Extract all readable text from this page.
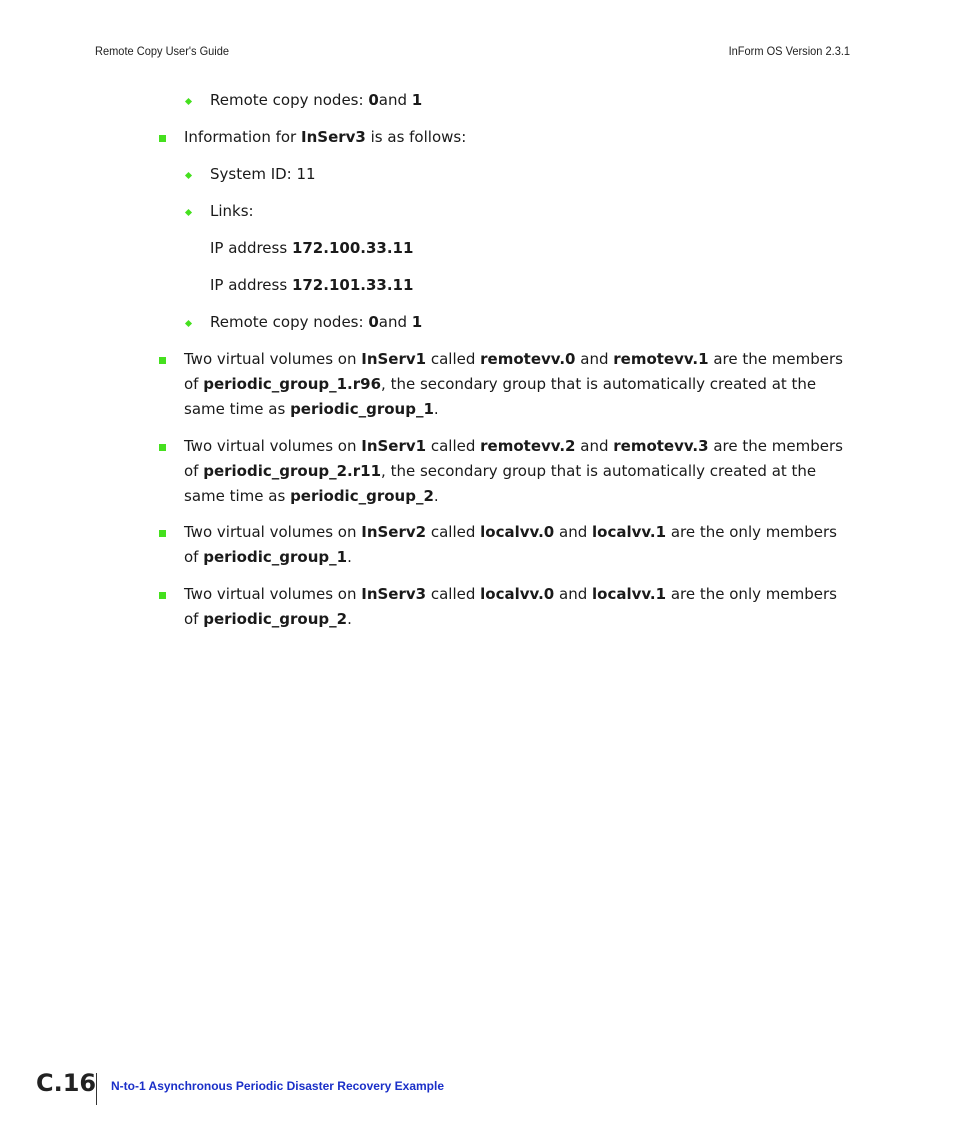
Remote Copy User's Guide	InForm OS Version 2.3.1
Remote copy nodes: 0and 1
Information for InServ3 is as follows:
System ID: 11
Links:
IP address 172.100.33.11
IP address 172.101.33.11
Remote copy nodes: 0and 1
Two virtual volumes on InServ1 called remotevv.0 and remotevv.1 are the members of periodic_group_1.r96, the secondary group that is automatically created at the same time as periodic_group_1.
Two virtual volumes on InServ1 called remotevv.2 and remotevv.3 are the members of periodic_group_2.r11, the secondary group that is automatically created at the same time as periodic_group_2.
Two virtual volumes on InServ2 called localvv.0 and localvv.1 are the only members of periodic_group_1.
Two virtual volumes on InServ3 called localvv.0 and localvv.1 are the only members of periodic_group_2.
C.16 N-to-1 Asynchronous Periodic Disaster Recovery Example
